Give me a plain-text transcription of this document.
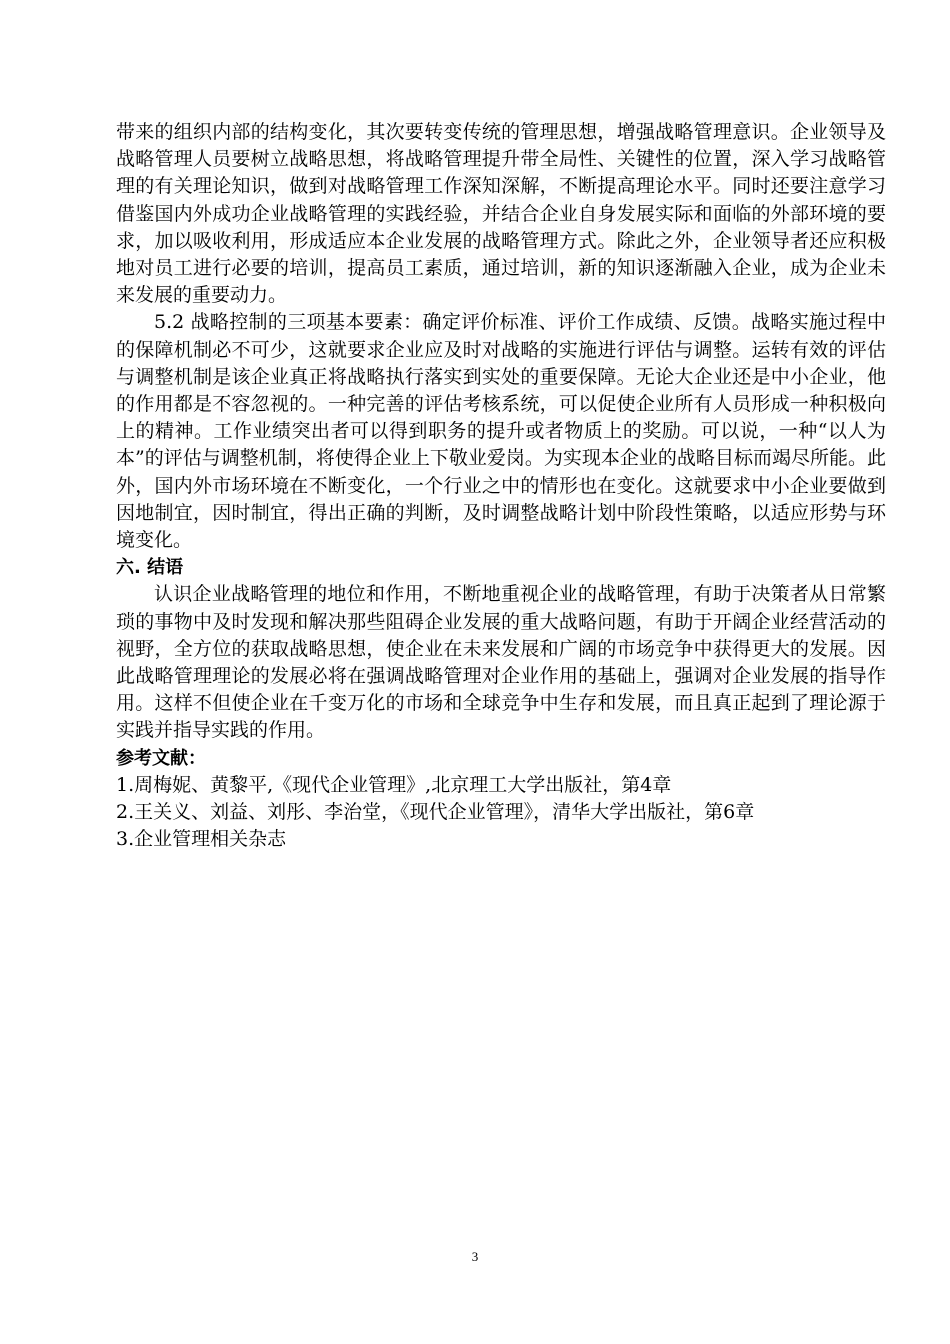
带来的组织内部的结构变化，其次要转变传统的管理思想，增强战略管理意识。企业领导及战略管理人员要树立战略思想，将战略管理提升带全局性、关键性的位置，深入学习战略管理的有关理论知识，做到对战略管理工作深知深解，不断提高理论水平。同时还要注意学习借鉴国内外成功企业战略管理的实践经验，并结合企业自身发展实际和面临的外部环境的要求，加以吸收利用，形成适应本企业发展的战略管理方式。除此之外，企业领导者还应积极地对员工进行必要的培训，提高员工素质，通过培训，新的知识逐渐融入企业，成为企业未来发展的重要动力。

5.2 战略控制的三项基本要素：确定评价标准、评价工作成绩、反馈。战略实施过程中的保障机制必不可少，这就要求企业应及时对战略的实施进行评估与调整。运转有效的评估与调整机制是该企业真正将战略执行落实到实处的重要保障。无论大企业还是中小企业，他的作用都是不容忽视的。一种完善的评估考核系统，可以促使企业所有人员形成一种积极向上的精神。工作业绩突出者可以得到职务的提升或者物质上的奖励。可以说，一种“以人为本”的评估与调整机制，将使得企业上下敬业爱岗。为实现本企业的战略目标而竭尽所能。此外，国内外市场环境在不断变化，一个行业之中的情形也在变化。这就要求中小企业要做到因地制宜，因时制宜，得出正确的判断，及时调整战略计划中阶段性策略，以适应形势与环境变化。

六. 结语

认识企业战略管理的地位和作用，不断地重视企业的战略管理，有助于决策者从日常繁琐的事物中及时发现和解决那些阻碍企业发展的重大战略问题，有助于开阔企业经营活动的视野，全方位的获取战略思想，使企业在未来发展和广阔的市场竞争中获得更大的发展。因此战略管理理论的发展必将在强调战略管理对企业作用的基础上，强调对企业发展的指导作用。这样不但使企业在千变万化的市场和全球竞争中生存和发展，而且真正起到了理论源于实践并指导实践的作用。

参考文献：

1.周梅妮、黄黎平,《现代企业管理》,北京理工大学出版社，第4章
2.王关义、刘益、刘彤、李治堂，《现代企业管理》，清华大学出版社，第6章
3.企业管理相关杂志
3
